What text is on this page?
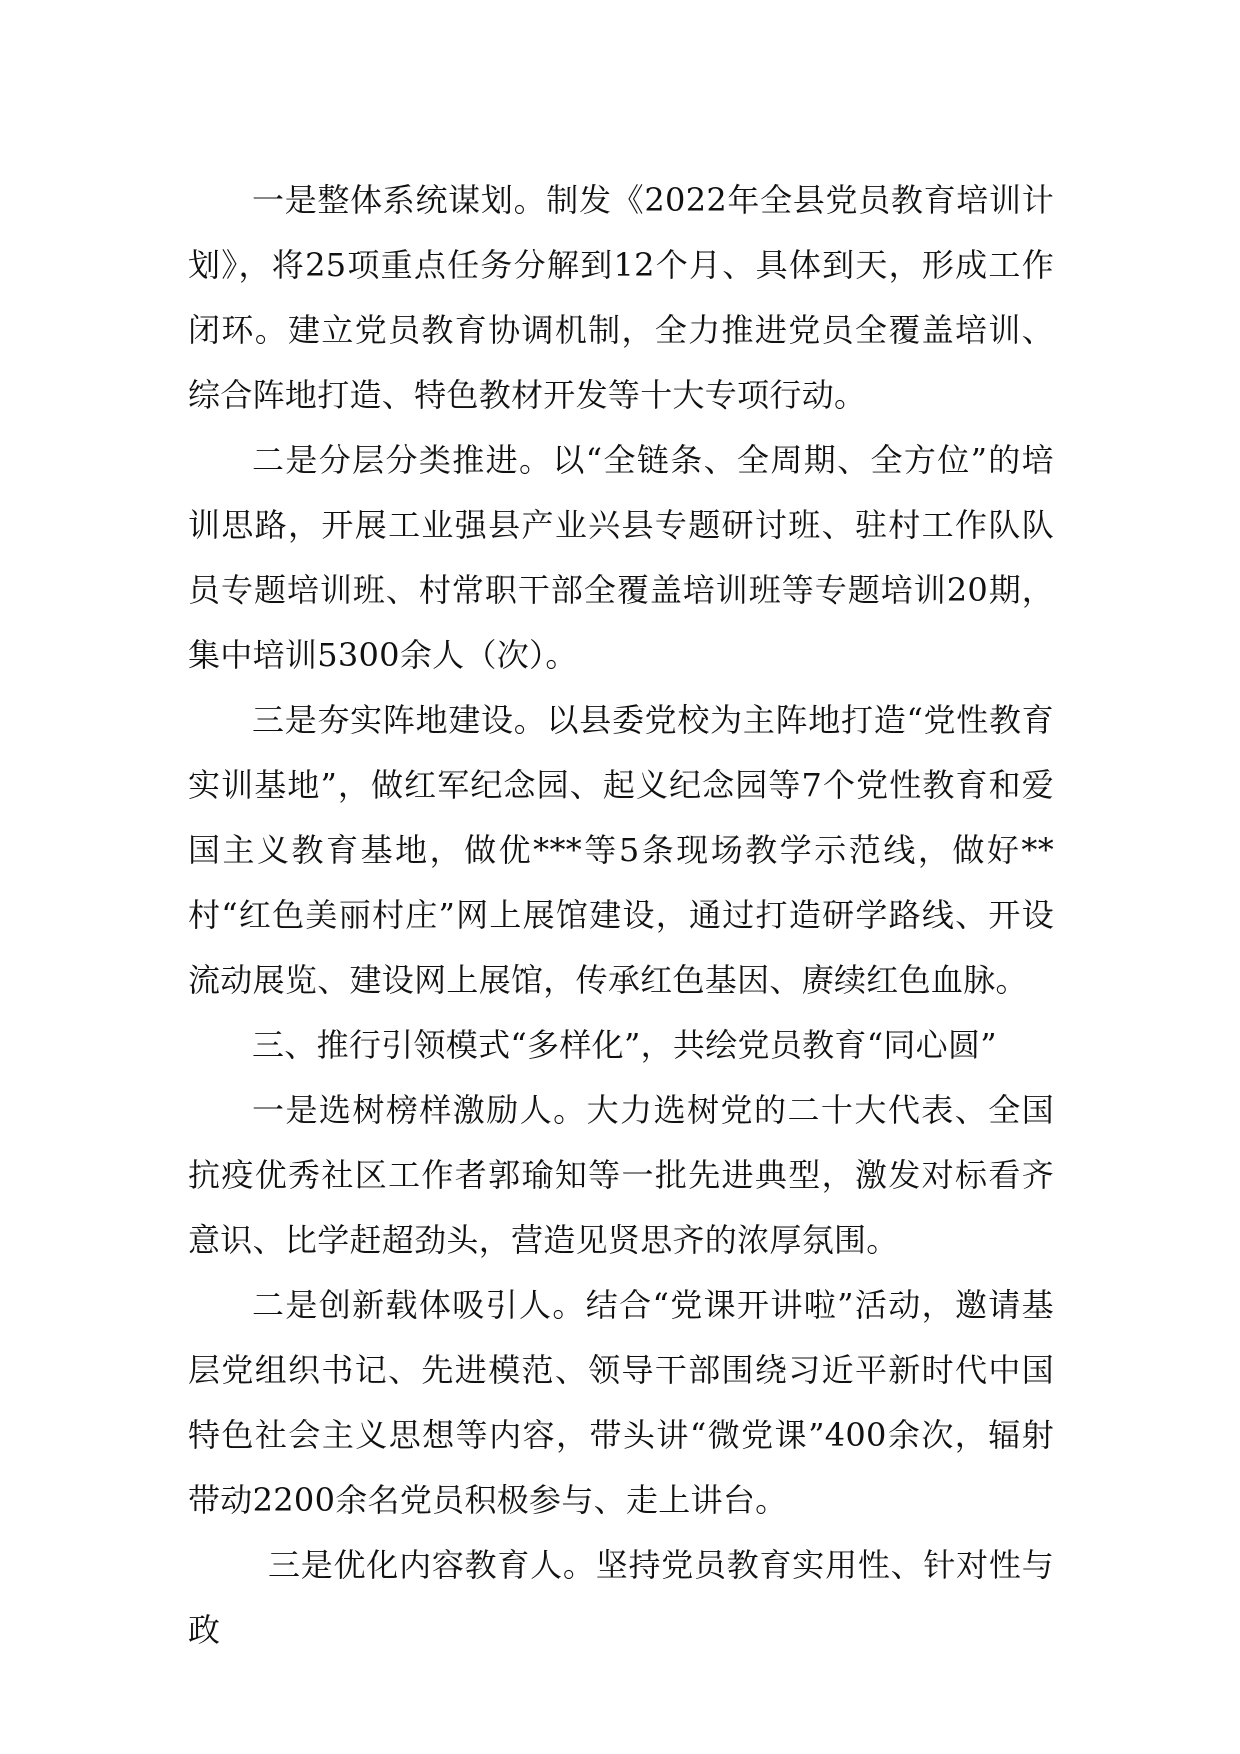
一是整体系统谋划。制发《2022年全县党员教育培训计划》，将25项重点任务分解到12个月、具体到天，形成工作闭环。建立党员教育协调机制，全力推进党员全覆盖培训、综合阵地打造、特色教材开发等十大专项行动。

二是分层分类推进。以“全链条、全周期、全方位”的培训思路，开展工业强县产业兴县专题研讨班、驻村工作队队员专题培训班、村常职干部全覆盖培训班等专题培训20期，集中培训5300余人（次）。

三是夯实阵地建设。以县委党校为主阵地打造“党性教育实训基地”，做红军纪念园、起义纪念园等7个党性教育和爱国主义教育基地，做优***等5条现场教学示范线，做好**村“红色美丽村庄”网上展馆建设，通过打造研学路线、开设流动展览、建设网上展馆，传承红色基因、赓续红色血脉。

三、推行引领模式“多样化”，共绘党员教育“同心圆”

一是选树榜样激励人。大力选树党的二十大代表、全国抗疫优秀社区工作者郭瑜知等一批先进典型，激发对标看齐意识、比学赶超劲头，营造见贤思齐的浓厚氛围。

二是创新载体吸引人。结合“党课开讲啦”活动，邀请基层党组织书记、先进模范、领导干部围绕习近平新时代中国特色社会主义思想等内容，带头讲“微党课”400余次，辐射带动2200余名党员积极参与、走上讲台。

三是优化内容教育人。坚持党员教育实用性、针对性与政
